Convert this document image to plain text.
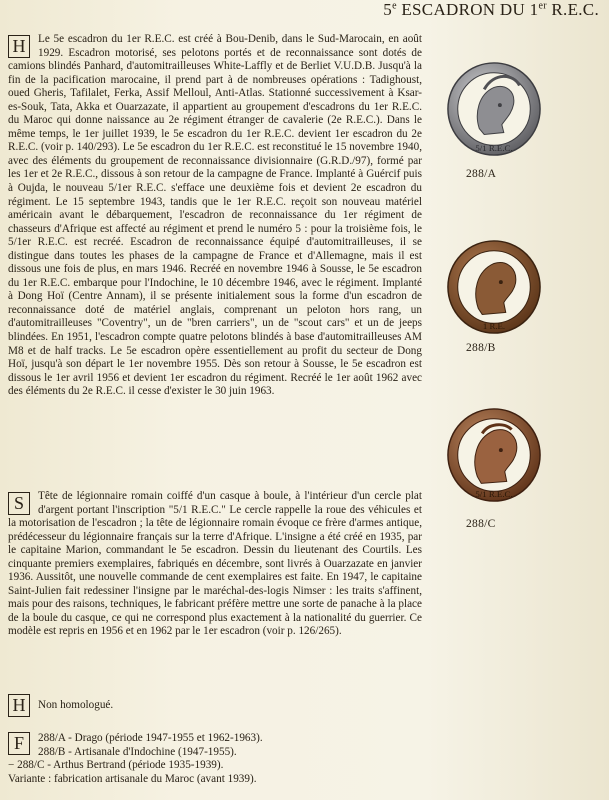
5e ESCADRON DU 1er R.E.C.
H	Le 5e escadron du 1er R.E.C. est créé à Bou-Denib, dans le Sud-Marocain, en août 1929. Escadron motorisé, ses pelotons portés et de reconnaissance sont dotés de camions blindés Panhard, d'automitrailleuses White-Laffly et de Berliet V.U.D.B. Jusqu'à la fin de la pacification marocaine, il prend part à de nombreuses opérations : Tadighoust, oued Gheris, Tafilalet, Ferka, Assif Melloul, Anti-Atlas. Stationné successivement à Ksar-es-Souk, Tata, Akka et Ouarzazate, il appartient au groupement d'escadrons du 1er R.E.C. du Maroc qui donne naissance au 2e régiment étranger de cavalerie (2e R.E.C.). Dans le même temps, le 1er juillet 1939, le 5e escadron du 1er R.E.C. devient 1er escadron du 2e R.E.C. (voir p. 140/293). Le 5e escadron du 1er R.E.C. est reconstitué le 15 novembre 1940, avec des éléments du groupement de reconnaissance divisionnaire (G.R.D./97), formé par les 1er et 2e R.E.C., dissous à son retour de la campagne de France. Implanté à Guércif puis à Oujda, le nouveau 5/1er R.E.C. s'efface une deuxième fois et devient 2e escadron du régiment. Le 15 septembre 1943, tandis que le 1er R.E.C. reçoit son nouveau matériel américain avant le débarquement, l'escadron de reconnaissance du 1er régiment de chasseurs d'Afrique est affecté au régiment et prend le numéro 5 : pour la troisième fois, le 5/1er R.E.C. est recréé. Escadron de reconnaissance équipé d'automitrailleuses, il se distingue dans toutes les phases de la campagne de France et d'Allemagne, mais il est dissous une fois de plus, en mars 1946. Recréé en novembre 1946 à Sousse, le 5e escadron du 1er R.E.C. embarque pour l'Indochine, le 10 décembre 1946, avec le régiment. Implanté à Dong Hoï (Centre Annam), il se présente initialement sous la forme d'un escadron de reconnaissance doté de matériel anglais, comprenant un peloton hors rang, un d'automitrailleuses "Coventry", un de "bren carriers", un de "scout cars" et un de jeeps blindées. En 1951, l'escadron compte quatre pelotons blindés à base d'automitrailleuses AM M8 et de half tracks. Le 5e escadron opère essentiellement au profit du secteur de Dong Hoï, jusqu'à son départ le 1er novembre 1955. Dès son retour à Sousse, le 5e escadron est dissous le 1er avril 1956 et devient 1er escadron du régiment. Recréé le 1er août 1962 avec des éléments du 2e R.E.C. il cesse d'exister le 30 juin 1963.
S	Tête de légionnaire romain coiffé d'un casque à boule, à l'intérieur d'un cercle plat d'argent portant l'inscription "5/1 R.E.C." Le cercle rappelle la roue des véhicules et la motorisation de l'escadron ; la tête de légionnaire romain évoque ce frère d'armes antique, prédécesseur du légionnaire français sur la terre d'Afrique. L'insigne a été créé en 1935, par le capitaine Marion, commandant le 5e escadron. Dessin du lieutenant des Courtils. Les cinquante premiers exemplaires, fabriqués en décembre, sont livrés à Ouarzazate en janvier 1936. Aussitôt, une nouvelle commande de cent exemplaires est faite. En 1947, le capitaine Saint-Julien fait redessiner l'insigne par le maréchal-des-logis Nimser : les traits s'affinent, mais pour des raisons, techniques, le fabricant préfère mettre une sorte de panache à la place de la boule du casque, ce qui ne correspond plus exactement à la nationalité du guerrier. Ce modèle est repris en 1956 et en 1962 par le 1er escadron (voir p. 126/265).
H	Non homologué.
F	288/A - Drago (période 1947-1955 et 1962-1963).
288/B - Artisanale d'Indochine (1947-1955).
− 288/C - Arthus Bertrand (période 1935-1939).
Variante : fabrication artisanale du Maroc (avant 1939).
5/1 R.E.C.
288/A
1 R.E.
288/B
5/1 R.E.C.
288/C
